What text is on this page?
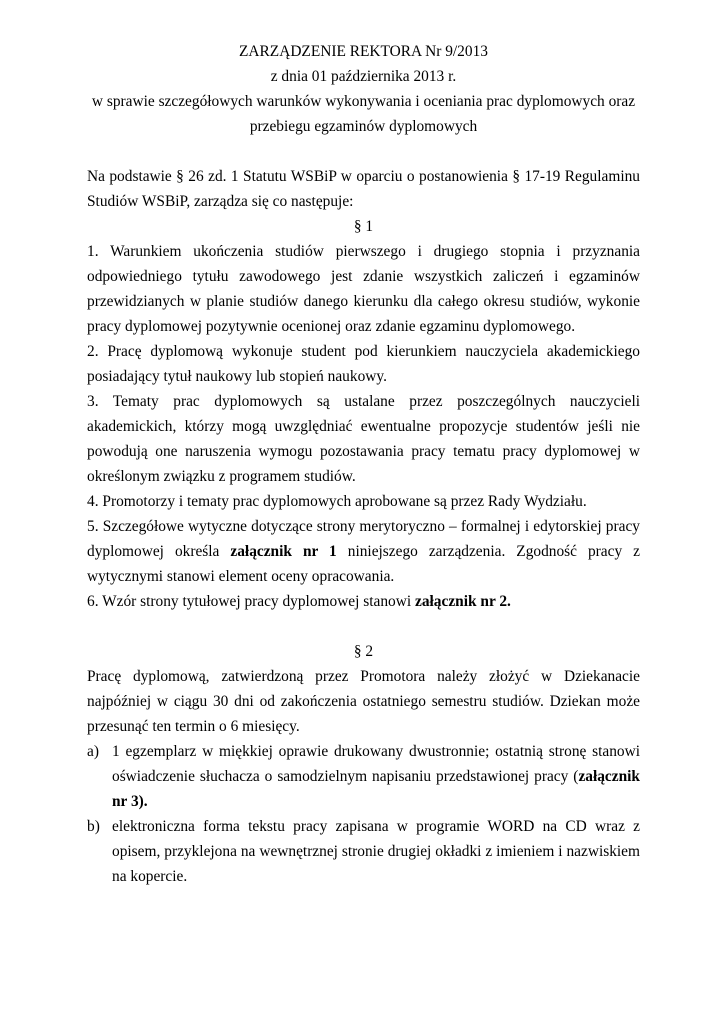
ZARZĄDZENIE REKTORA Nr 9/2013

z dnia 01 października 2013 r.

w sprawie szczegółowych warunków wykonywania i oceniania prac dyplomowych oraz

przebiegu egzaminów dyplomowych

Na podstawie § 26 zd. 1 Statutu WSBiP w oparciu o postanowienia § 17-19 Regulaminu Studiów WSBiP, zarządza się co następuje:

§ 1

1. Warunkiem ukończenia studiów pierwszego i drugiego stopnia i przyznania odpowiedniego tytułu zawodowego jest zdanie wszystkich zaliczeń i egzaminów przewidzianych w planie studiów danego kierunku dla całego okresu studiów, wykonie pracy dyplomowej pozytywnie ocenionej oraz zdanie egzaminu dyplomowego.

2. Pracę dyplomową wykonuje student pod kierunkiem nauczyciela akademickiego posiadający tytuł naukowy lub stopień naukowy.

3. Tematy prac dyplomowych są ustalane przez poszczególnych nauczycieli akademickich, którzy mogą uwzględniać ewentualne propozycje studentów jeśli nie powodują one naruszenia wymogu pozostawania pracy tematu pracy dyplomowej w określonym związku z programem studiów.

4. Promotorzy i tematy prac dyplomowych aprobowane są przez Rady Wydziału.

5. Szczegółowe wytyczne dotyczące strony merytoryczno – formalnej i edytorskiej pracy dyplomowej określa załącznik nr 1 niniejszego zarządzenia. Zgodność pracy z wytycznymi stanowi element oceny opracowania.

6. Wzór strony tytułowej pracy dyplomowej stanowi załącznik nr 2.

§ 2

Pracę dyplomową, zatwierdzoną przez Promotora należy złożyć w Dziekanacie najpóźniej w ciągu 30 dni od zakończenia ostatniego semestru studiów. Dziekan może przesunąć ten termin o 6 miesięcy.

a) 1 egzemplarz w miękkiej oprawie drukowany dwustronnie; ostatnią stronę stanowi oświadczenie słuchacza o samodzielnym napisaniu przedstawionej pracy (załącznik nr 3).
b) elektroniczna forma tekstu pracy zapisana w programie WORD na CD wraz z opisem, przyklejona na wewnętrznej stronie drugiej okładki z imieniem i nazwiskiem na kopercie.
